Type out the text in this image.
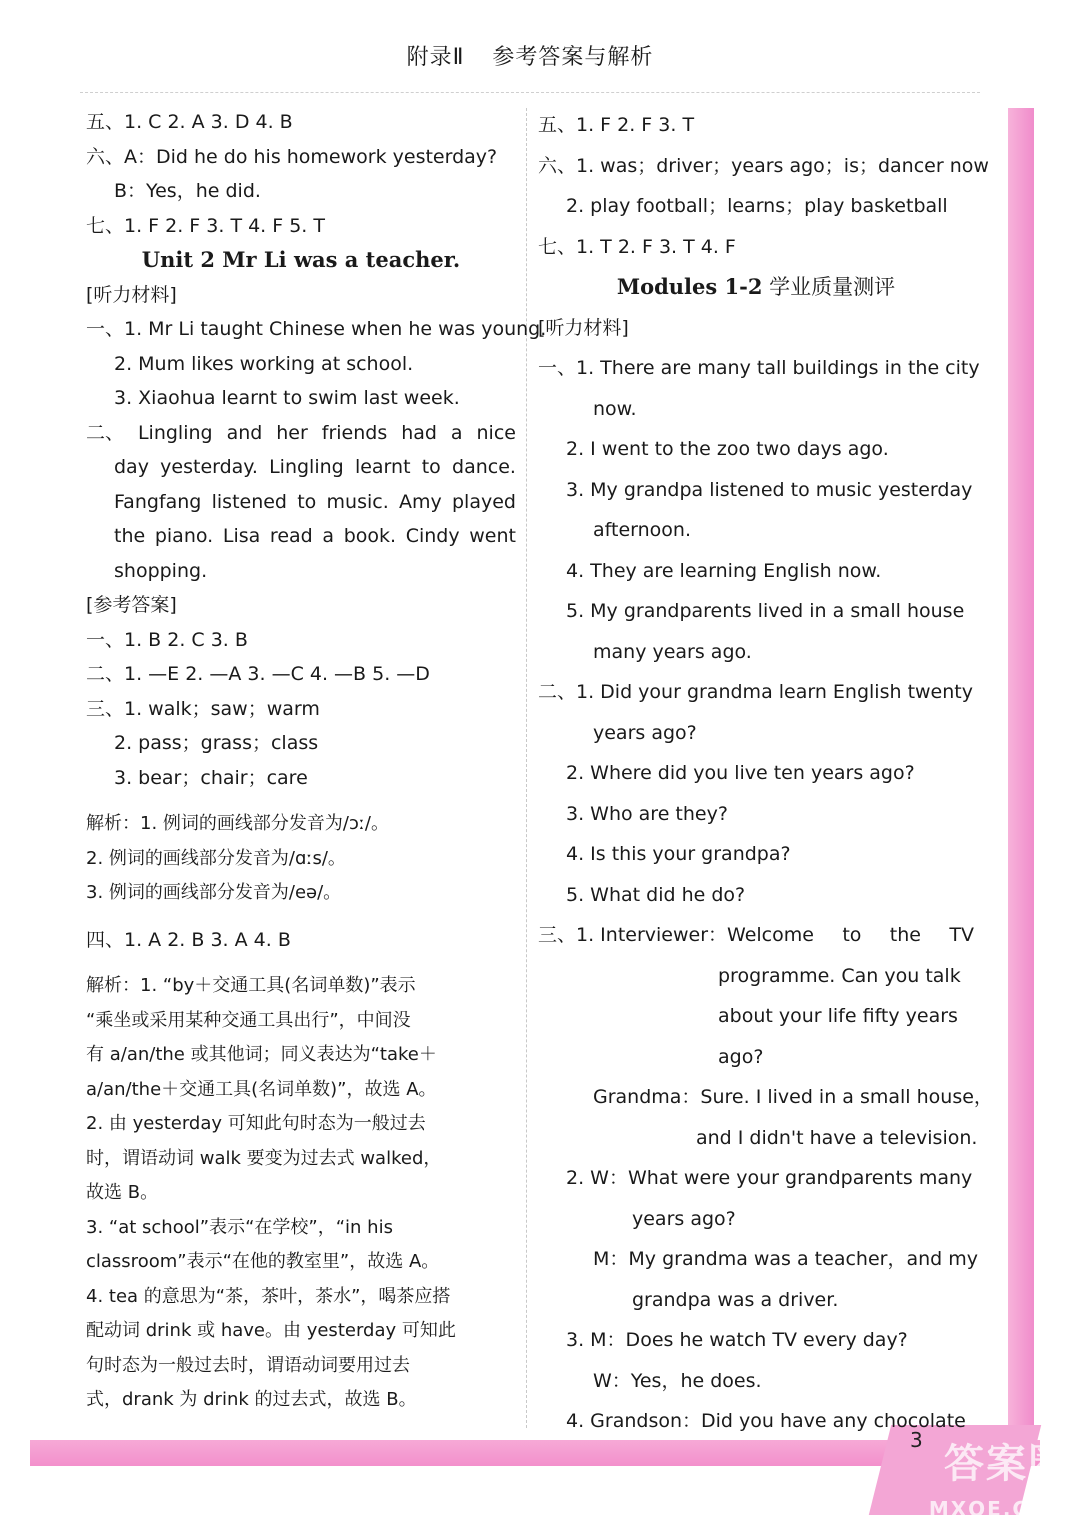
附录Ⅱ 参考答案与解析
3
答案圈
MXQE.COM
五、1. C 2. A 3. D 4. B
六、A：Did he do his homework yesterday?
B：Yes，he did.
七、1. F 2. F 3. T 4. F 5. T
Unit 2 Mr Li was a teacher.
[听力材料]
一、1. Mr Li taught Chinese when he was young.
2. Mum likes working at school.
3. Xiaohua learnt to swim last week.
二、 Lingling and her friends had a nice
day yesterday. Lingling learnt to dance.
Fangfang listened to music. Amy played
the piano. Lisa read a book. Cindy went
shopping.
[参考答案]
一、1. B 2. C 3. B
二、1. —E 2. —A 3. —C 4. —B 5. —D
三、1. walk；saw；warm
2. pass；grass；class
3. bear；chair；care
解析：1. 例词的画线部分发音为/ɔː/。
2. 例词的画线部分发音为/ɑːs/。
3. 例词的画线部分发音为/eə/。
四、1. A 2. B 3. A 4. B
解析：1. “by＋交通工具(名词单数)”表示
“乘坐或采用某种交通工具出行”，中间没
有 a/an/the 或其他词；同义表达为“take＋
a/an/the＋交通工具(名词单数)”，故选 A。
2. 由 yesterday 可知此句时态为一般过去
时，谓语动词 walk 要变为过去式 walked，
故选 B。
3. “at school”表示“在学校”，“in his
classroom”表示“在他的教室里”，故选 A。
4. tea 的意思为“茶，茶叶，茶水”，喝茶应搭
配动词 drink 或 have。由 yesterday 可知此
句时态为一般过去时，谓语动词要用过去
式，drank 为 drink 的过去式，故选 B。
五、1. F 2. F 3. T
六、1. was；driver；years ago；is；dancer now
2. play football；learns；play basketball
七、1. T 2. F 3. T 4. F
Modules 1-2 学业质量测评
[听力材料]
一、1. There are many tall buildings in the city
now.
2. I went to the zoo two days ago.
3. My grandpa listened to music yesterday
afternoon.
4. They are learning English now.
5. My grandparents lived in a small house
many years ago.
二、1. Did your grandma learn English twenty
years ago?
2. Where did you live ten years ago?
3. Who are they?
4. Is this your grandpa?
5. What did he do?
三、1. Interviewer：Welcome to the TV
programme. Can you talk
about your life fifty years
ago?
Grandma：Sure. I lived in a small house，
and I didn't have a television.
2. W：What were your grandparents many
years ago?
M：My grandma was a teacher，and my
grandpa was a driver.
3. M：Does he watch TV every day?
W：Yes，he does.
4. Grandson：Did you have any chocolate
